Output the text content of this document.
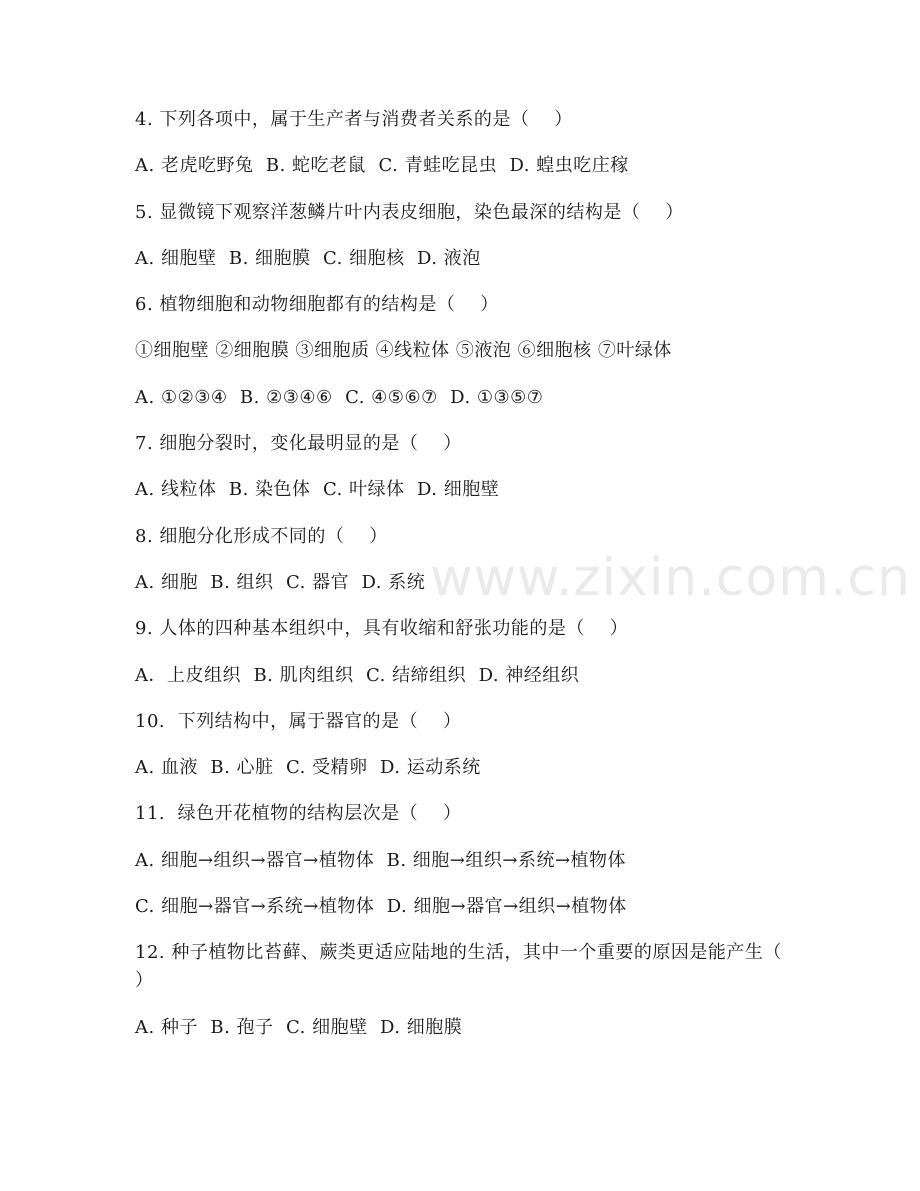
4. 下列各项中，属于生产者与消费者关系的是（    ）
A. 老虎吃野兔  B. 蛇吃老鼠  C. 青蛙吃昆虫  D. 蝗虫吃庄稼
5. 显微镜下观察洋葱鳞片叶内表皮细胞，染色最深的结构是（    ）
A. 细胞壁  B. 细胞膜  C. 细胞核  D. 液泡
6. 植物细胞和动物细胞都有的结构是（    ）
①细胞壁 ②细胞膜 ③细胞质 ④线粒体 ⑤液泡 ⑥细胞核 ⑦叶绿体
A. ①②③④  B. ②③④⑥  C. ④⑤⑥⑦  D. ①③⑤⑦
7. 细胞分裂时，变化最明显的是（    ）
A. 线粒体  B. 染色体  C. 叶绿体  D. 细胞壁
8. 细胞分化形成不同的（    ）
A. 细胞  B. 组织  C. 器官  D. 系统
9. 人体的四种基本组织中，具有收缩和舒张功能的是（    ）
A．上皮组织  B. 肌肉组织  C. 结缔组织  D. 神经组织
10.  下列结构中，属于器官的是（    ）
A. 血液  B. 心脏  C. 受精卵  D. 运动系统
11.  绿色开花植物的结构层次是（    ）
A. 细胞→组织→器官→植物体  B. 细胞→组织→系统→植物体
C. 细胞→器官→系统→植物体  D. 细胞→器官→组织→植物体
12. 种子植物比苔藓、蕨类更适应陆地的生活，其中一个重要的原因是能产生（ ）
A. 种子  B. 孢子  C. 细胞壁  D. 细胞膜
www.zixin.com.cn
